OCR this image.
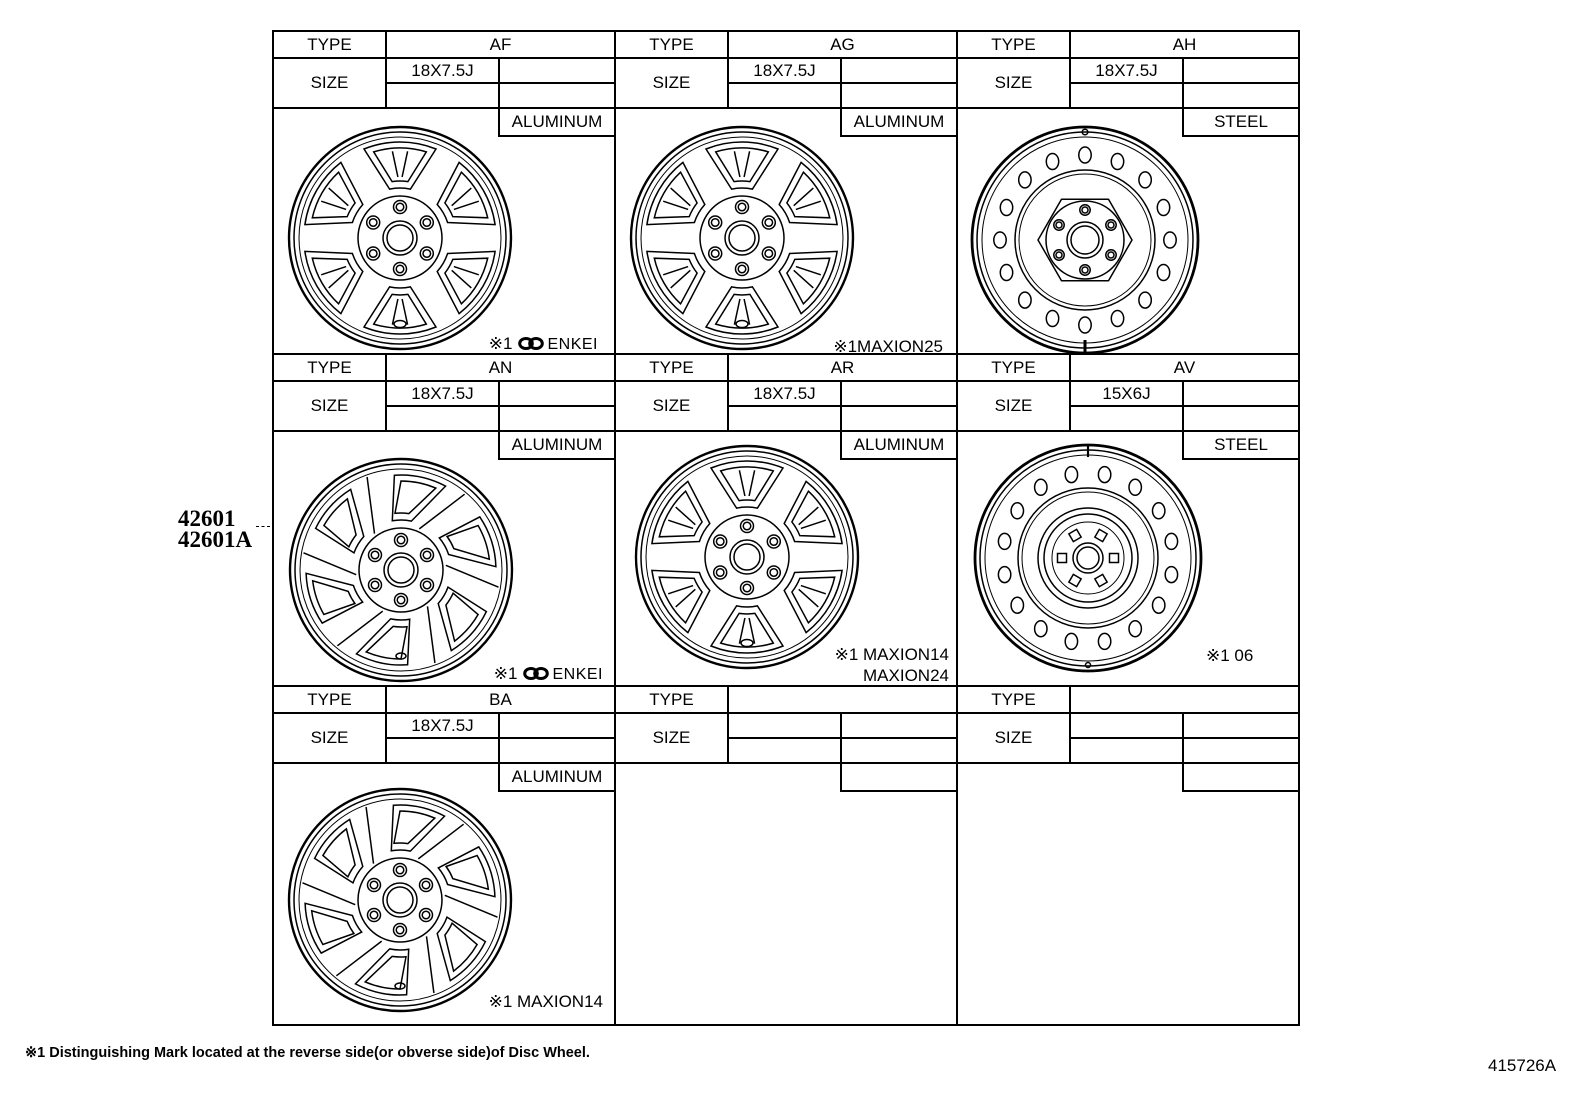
TYPE	AF
SIZE
18X7.5J
ALUMINUM
※1 ENKEI
TYPE	AG
SIZE
18X7.5J
ALUMINUM
※1MAXION25
TYPE	AH
SIZE
18X7.5J
STEEL
TYPE	AN
SIZE
18X7.5J
ALUMINUM
※1 ENKEI
TYPE	AR
SIZE
18X7.5J
ALUMINUM
※1 MAXION14
MAXION24
TYPE	AV
SIZE
15X6J
STEEL
※1 06
TYPE	BA
SIZE
18X7.5J
ALUMINUM
※1 MAXION14
TYPE
SIZE
TYPE
SIZE
42601
42601A
※1 Distinguishing Mark located at the reverse side(or obverse side)of Disc Wheel.
415726A
